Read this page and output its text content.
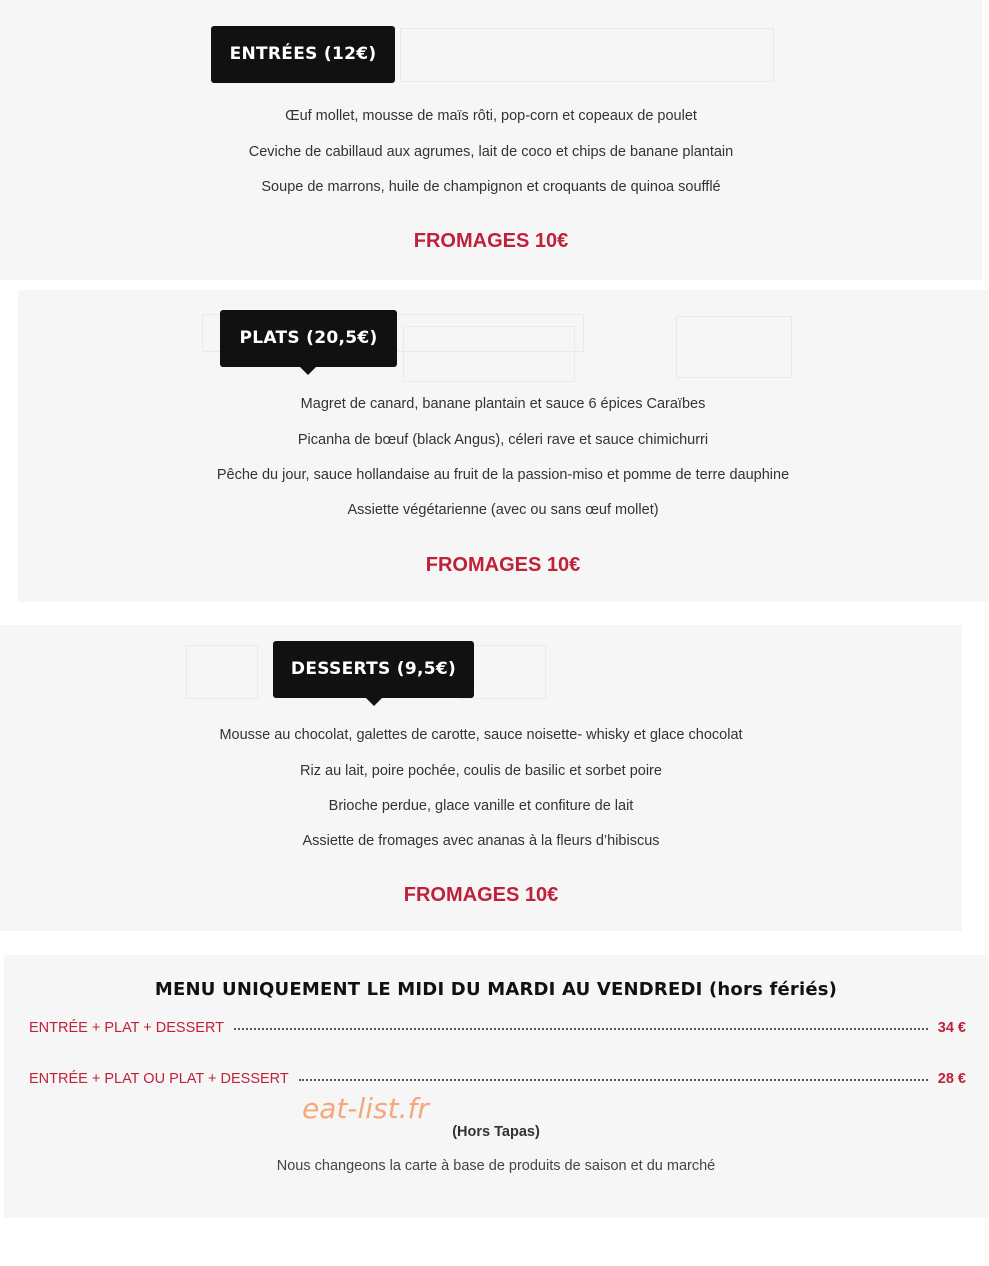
ENTRÉES (12€)
Œuf mollet, mousse de maïs rôti, pop-corn et copeaux de poulet
Ceviche de cabillaud aux agrumes, lait de coco et chips de banane plantain
Soupe de marrons, huile de champignon et croquants de quinoa soufflé
FROMAGES 10€
PLATS (20,5€)
Magret de canard, banane plantain et sauce 6 épices Caraïbes
Picanha de bœuf (black Angus), céleri rave et sauce chimichurri
Pêche du jour, sauce hollandaise au fruit de la passion-miso et pomme de terre dauphine
Assiette végétarienne (avec ou sans œuf mollet)
FROMAGES 10€
DESSERTS (9,5€)
Mousse au chocolat, galettes de carotte, sauce noisette- whisky et glace chocolat
Riz au lait, poire pochée, coulis de basilic et sorbet poire
Brioche perdue, glace vanille et confiture de lait
Assiette de fromages avec ananas à la fleurs d’hibiscus
FROMAGES 10€
MENU UNIQUEMENT LE MIDI DU MARDI AU VENDREDI (hors fériés)
ENTRÉE + PLAT + DESSERT	34 €
ENTRÉE + PLAT OU PLAT + DESSERT	28 €
eat-list.fr
(Hors Tapas)
Nous changeons la carte à base de produits de saison et du marché
